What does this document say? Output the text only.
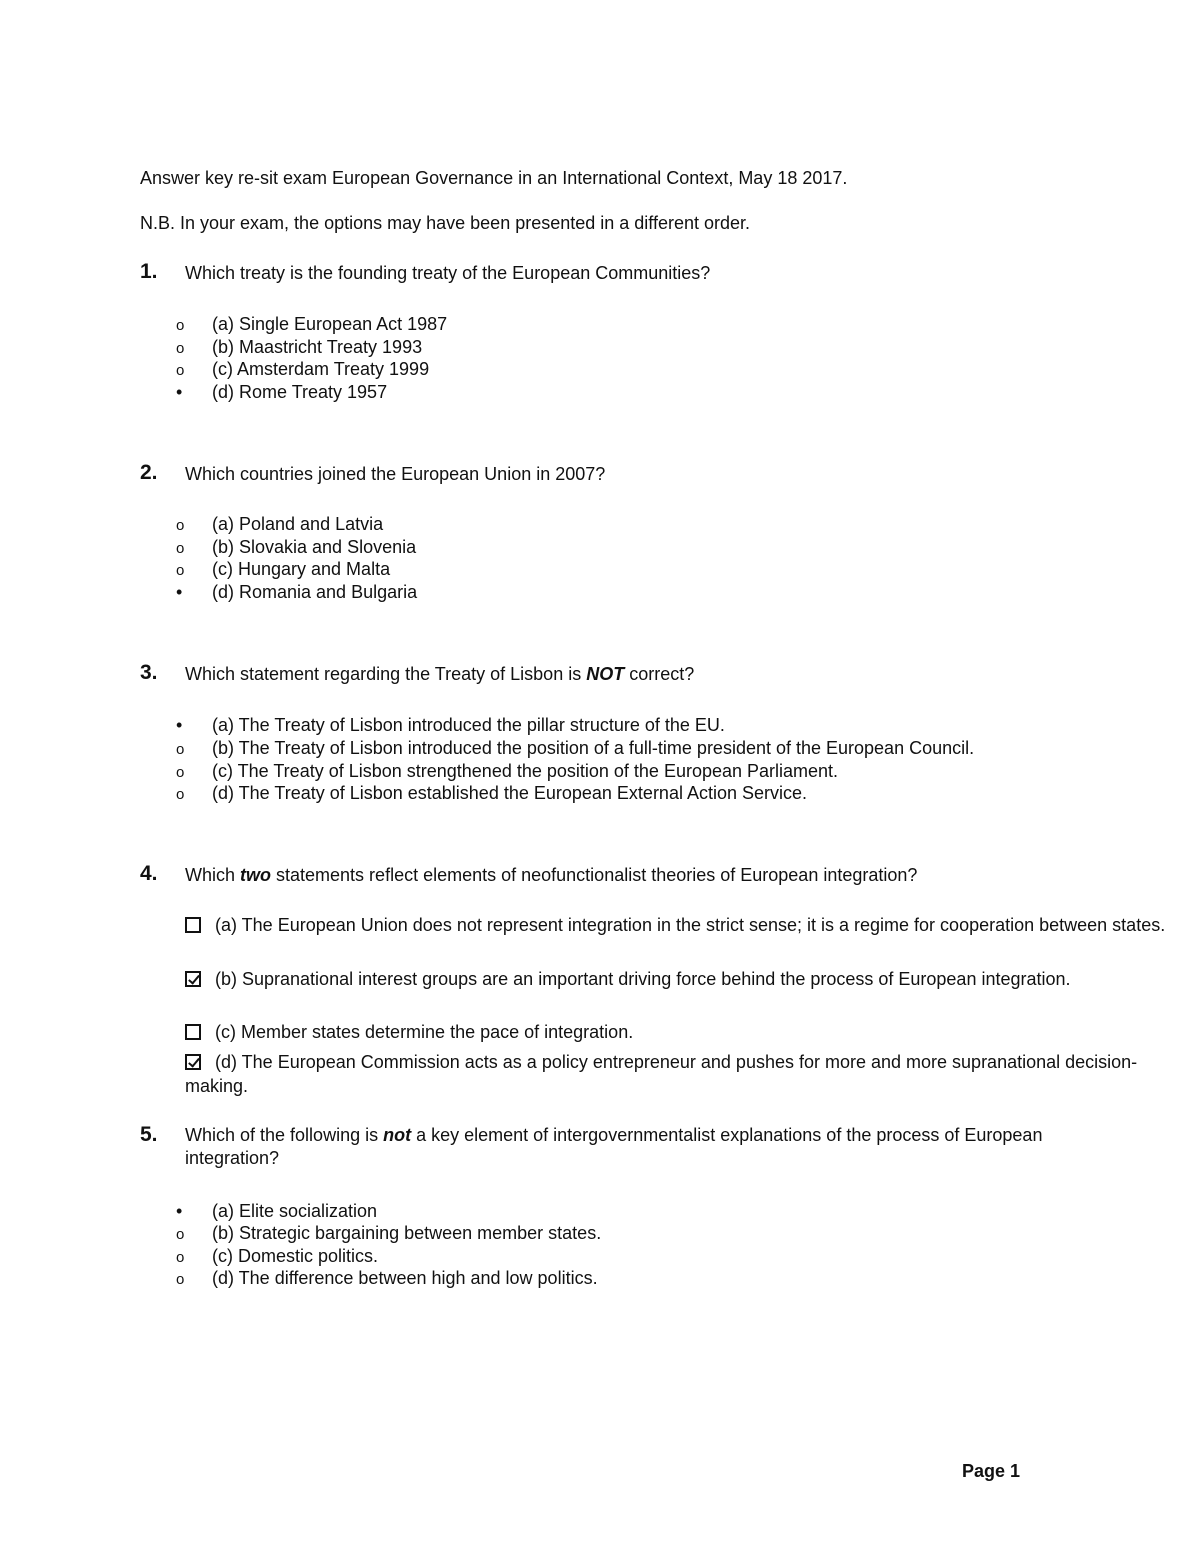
Answer key re-sit exam European Governance in an International Context, May 18 2017.
N.B. In your exam, the options may have been presented in a different order.
1. Which treaty is the founding treaty of the European Communities?
o (a) Single European Act 1987
o (b) Maastricht Treaty 1993
o (c) Amsterdam Treaty 1999
• (d) Rome Treaty 1957
2. Which countries joined the European Union in 2007?
o (a) Poland and Latvia
o (b) Slovakia and Slovenia
o (c) Hungary and Malta
• (d) Romania and Bulgaria
3. Which statement regarding the Treaty of Lisbon is NOT correct?
• (a) The Treaty of Lisbon introduced the pillar structure of the EU.
o (b) The Treaty of Lisbon introduced the position of a full-time president of the European Council.
o (c) The Treaty of Lisbon strengthened the position of the European Parliament.
o (d) The Treaty of Lisbon established the European External Action Service.
4. Which two statements reflect elements of neofunctionalist theories of European integration?
(a) The European Union does not represent integration in the strict sense; it is a regime for cooperation between states.
(b) Supranational interest groups are an important driving force behind the process of European integration.
(c) Member states determine the pace of integration.
(d) The European Commission acts as a policy entrepreneur and pushes for more and more supranational decision-making.
5. Which of the following is not a key element of intergovernmentalist explanations of the process of European integration?
• (a) Elite socialization
o (b) Strategic bargaining between member states.
o (c) Domestic politics.
o (d) The difference between high and low politics.
Page 1
